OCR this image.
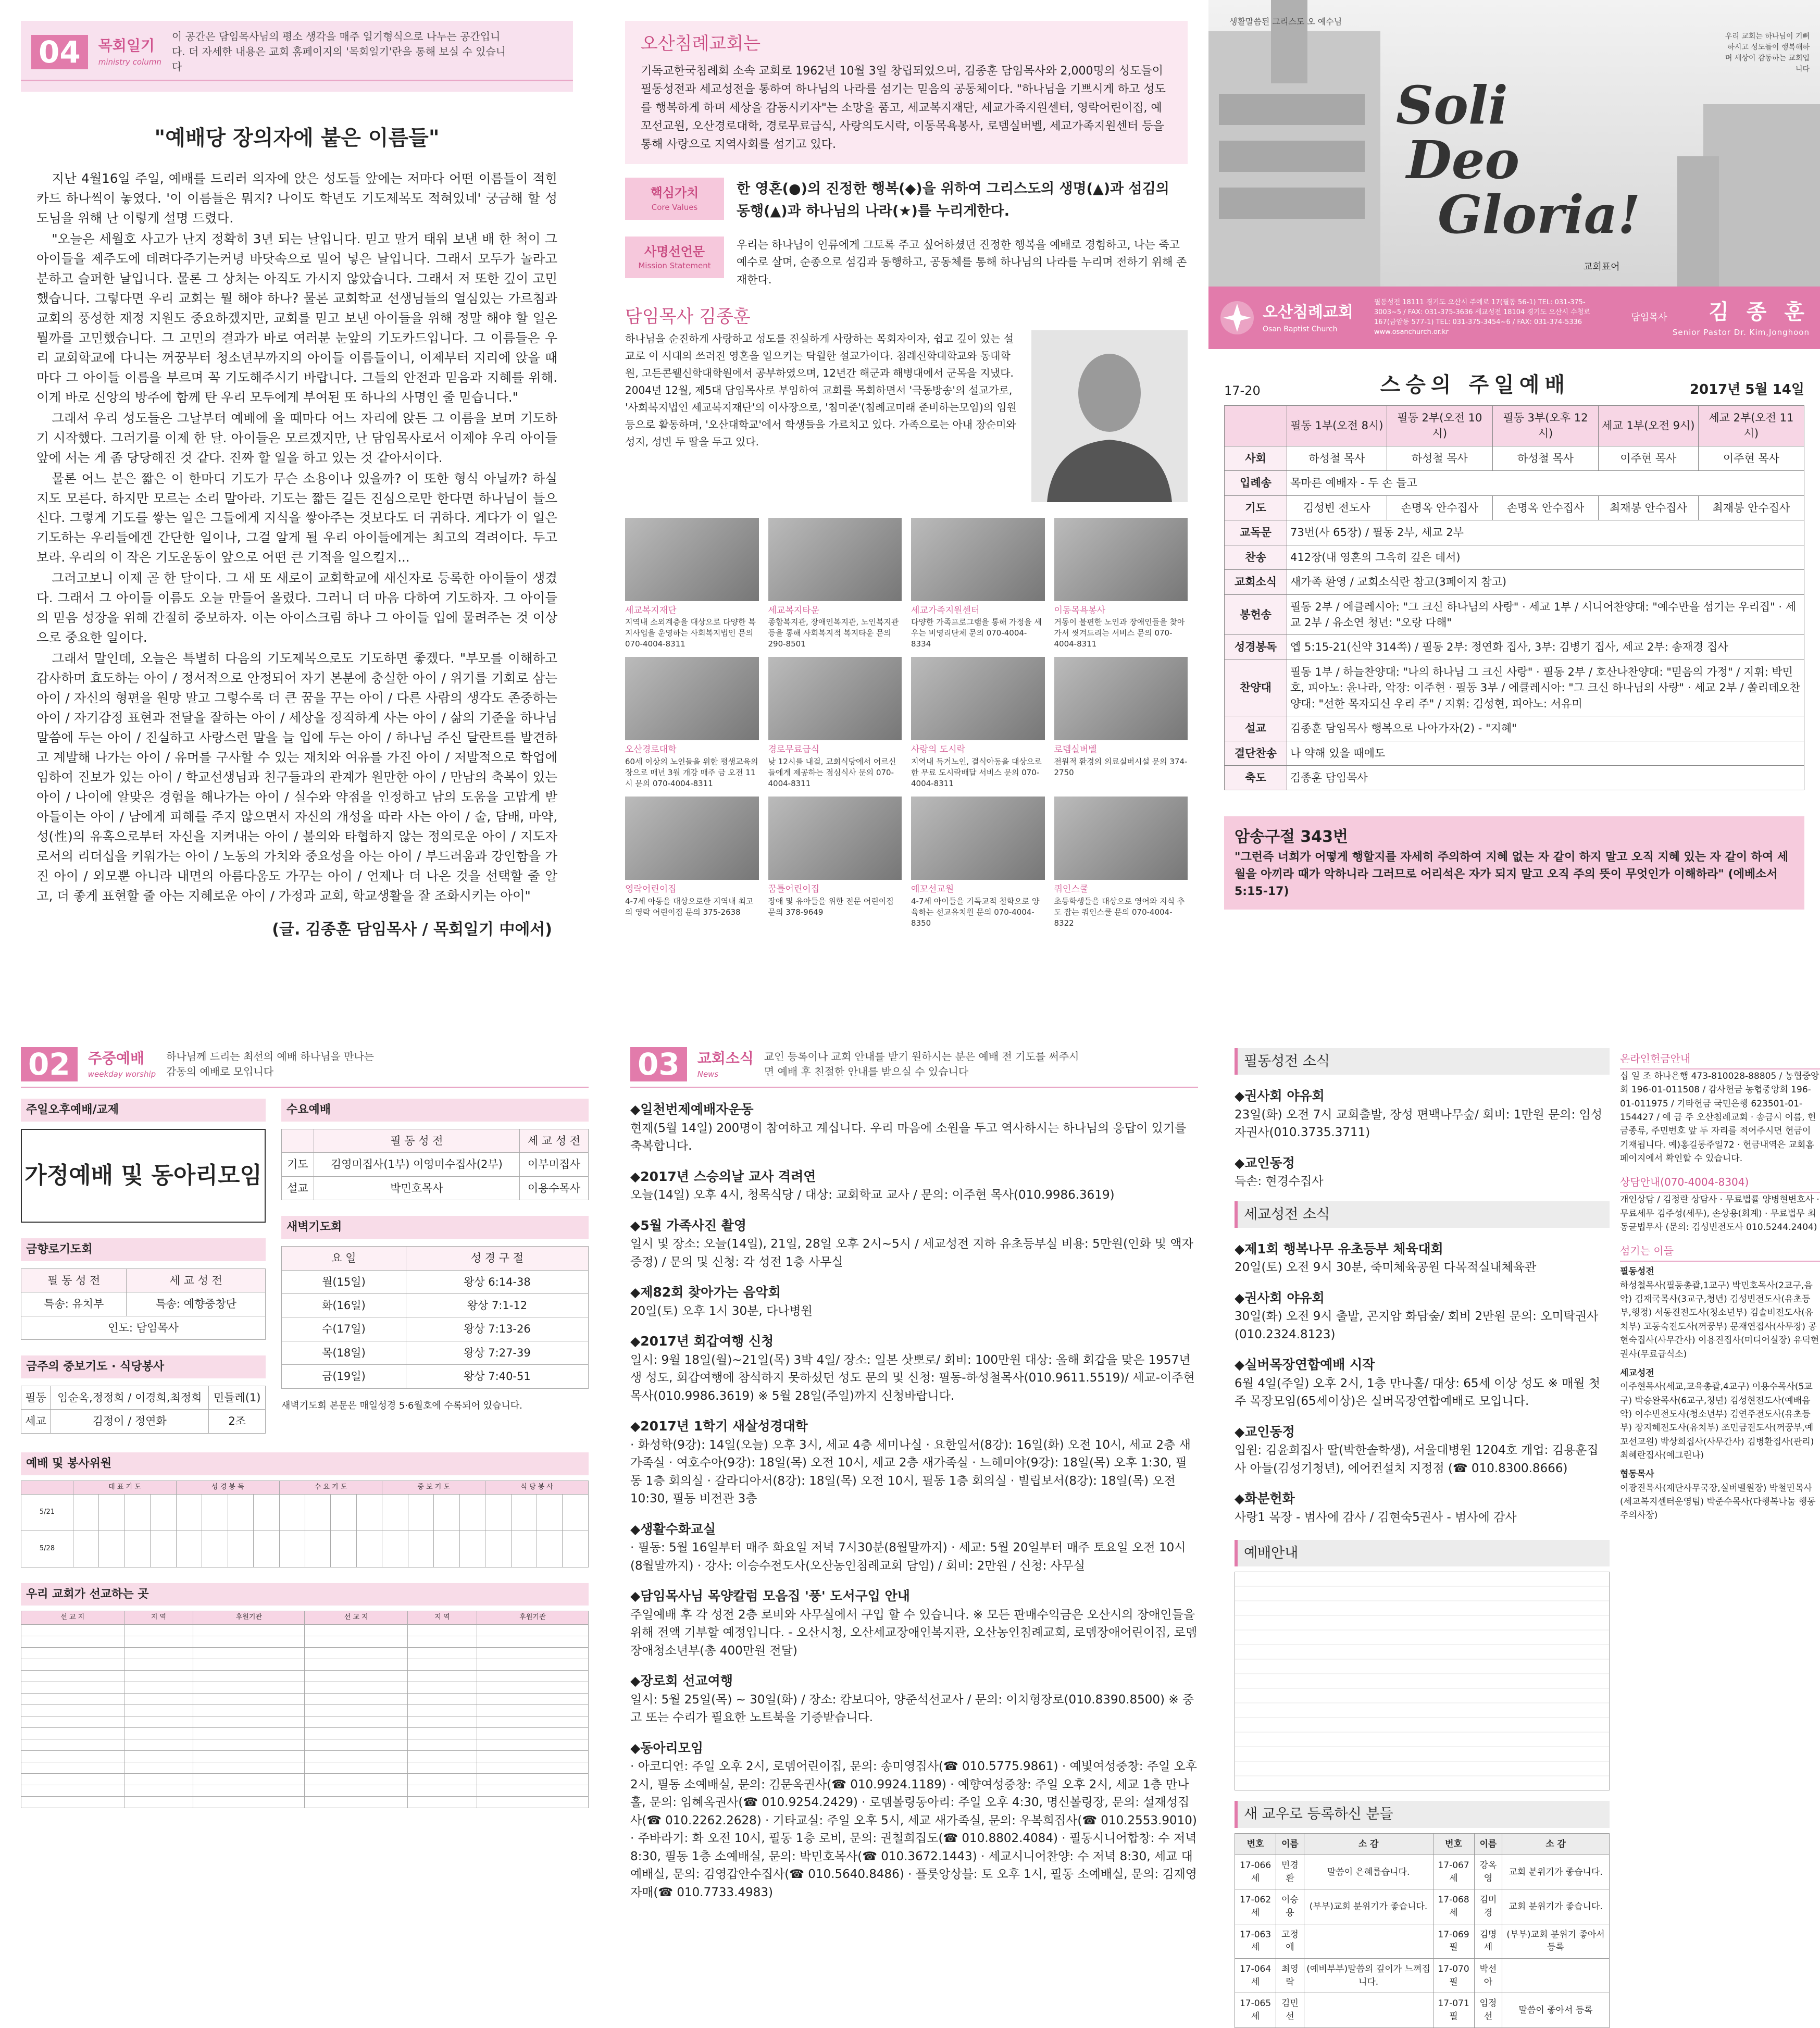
04	목회일기
ministry column
이 공간은 담임목사님의 평소 생각을 매주 일기형식으로 나누는 공간입니다. 더 자세한 내용은 교회 홈페이지의 '목회일기'란을 통해 보실 수 있습니다
"예배당 장의자에 붙은 이름들"

지난 4월16일 주일, 예배를 드리러 의자에 앉은 성도들 앞에는 저마다 어떤 이름들이 적힌 카드 하나씩이 놓였다. '이 이름들은 뭐지? 나이도 학년도 기도제목도 적혀있네' 궁금해 할 성도님을 위해 난 이렇게 설명 드렸다.

"오늘은 세월호 사고가 난지 정확히 3년 되는 날입니다. 믿고 말거 태워 보낸 배 한 척이 그 아이들을 제주도에 데려다주기는커녕 바닷속으로 밀어 넣은 날입니다. 그래서 모두가 놀라고 분하고 슬퍼한 날입니다. 물론 그 상처는 아직도 가시지 않았습니다. 그래서 저 또한 깊이 고민했습니다. 그렇다면 우리 교회는 뭘 해야 하나? 물론 교회학교 선생님들의 열심있는 가르침과 교회의 풍성한 재정 지원도 중요하겠지만, 교회를 믿고 보낸 아이들을 위해 정말 해야 할 일은 뭘까를 고민했습니다. 그 고민의 결과가 바로 여러분 눈앞의 기도카드입니다. 그 이름들은 우리 교회학교에 다니는 꺼꿍부터 청소년부까지의 아이들 이름들이니, 이제부터 지리에 앉을 때마다 그 아이들 이름을 부르며 꼭 기도해주시기 바랍니다. 그들의 안전과 믿음과 지혜를 위해. 이게 바로 신앙의 방주에 함께 탄 우리 모두에게 부여된 또 하나의 사명인 줄 믿습니다."

그래서 우리 성도들은 그날부터 예배에 올 때마다 어느 자리에 앉든 그 이름을 보며 기도하기 시작했다. 그러기를 이제 한 달. 아이들은 모르겠지만, 난 담임목사로서 이제야 우리 아이들 앞에 서는 게 좀 당당해진 것 같다. 진짜 할 일을 하고 있는 것 같아서이다.

물론 어느 분은 짧은 이 한마디 기도가 무슨 소용이나 있을까? 이 또한 형식 아닐까? 하실 지도 모른다. 하지만 모르는 소리 말아라. 기도는 짧든 길든 진심으로만 한다면 하나님이 들으신다. 그렇게 기도를 쌓는 일은 그들에게 지식을 쌓아주는 것보다도 더 귀하다. 게다가 이 일은 기도하는 우리들에겐 간단한 일이나, 그걸 알게 될 우리 아이들에게는 최고의 격려이다. 두고 보라. 우리의 이 작은 기도운동이 앞으로 어떤 큰 기적을 일으킬지...

그러고보니 이제 곧 한 달이다. 그 새 또 새로이 교회학교에 새신자로 등록한 아이들이 생겼다. 그래서 그 아이들 이름도 오늘 만들어 올렸다. 그러니 더 마음 다하여 기도하자. 그 아이들의 믿음 성장을 위해 간절히 중보하자. 이는 아이스크림 하나 그 아이들 입에 물려주는 것 이상으로 중요한 일이다.

그래서 말인데, 오늘은 특별히 다음의 기도제목으로도 기도하면 좋겠다. "부모를 이해하고 감사하며 효도하는 아이 / 정서적으로 안정되어 자기 본분에 충실한 아이 / 위기를 기회로 삼는 아이 / 자신의 형편을 원망 말고 그렇수록 더 큰 꿈을 꾸는 아이 / 다른 사람의 생각도 존중하는 아이 / 자기감정 표현과 전달을 잘하는 아이 / 세상을 정직하게 사는 아이 / 삶의 기준을 하나님 말씀에 두는 아이 / 진실하고 사랑스런 말을 늘 입에 두는 아이 / 하나님 주신 달란트를 발견하고 계발해 나가는 아이 / 유머를 구사할 수 있는 재치와 여유를 가진 아이 / 저발적으로 학업에 임하여 진보가 있는 아이 / 학교선생님과 친구들과의 관계가 원만한 아이 / 만남의 축복이 있는 아이 / 나이에 알맞은 경험을 해나가는 아이 / 실수와 약점을 인정하고 남의 도움을 고맙게 받아들이는 아이 / 남에게 피해를 주지 않으면서 자신의 개성을 따라 사는 아이 / 술, 담배, 마약, 성(性)의 유혹으로부터 자신을 지켜내는 아이 / 불의와 타협하지 않는 정의로운 아이 / 지도자로서의 리더십을 키워가는 아이 / 노동의 가치와 중요성을 아는 아이 / 부드러움과 강인함을 가진 아이 / 외모뿐 아니라 내면의 아름다움도 가꾸는 아이 / 언제나 더 나은 것을 선택할 줄 알고, 더 좋게 표현할 줄 아는 지혜로운 아이 / 가정과 교회, 학교생활을 잘 조화시키는 아이"

(글. 김종훈 담임목사 / 목회일기 中에서)
오산침례교회는
기독교한국침례회 소속 교회로 1962년 10월 3일 창립되었으며, 김종훈 담임목사와 2,000명의 성도들이 필동성전과 세교성전을 통하여 하나님의 나라를 섬기는 믿음의 공동체이다. "하나님을 기쁘시게 하고 성도를 행복하게 하며 세상을 감동시키자"는 소망을 품고, 세교복지재단, 세교가족지원센터, 영락어린이집, 예꼬선교원, 오산경로대학, 경로무료급식, 사랑의도시락, 이동목욕봉사, 로뎀실버벨, 세교가족지원센터 등을 통해 사랑으로 지역사회를 섬기고 있다.
핵심가치
Core Values
한 영혼(●)의 진정한 행복(◆)을 위하여 그리스도의 생명(▲)과 섬김의 동행(▲)과 하나님의 나라(★)를 누리게한다.
사명선언문
Mission Statement
우리는 하나님이 인류에게 그토록 주고 싶어하셨던 진정한 행복을 예배로 경험하고, 나는 죽고 예수로 살며, 순종으로 섬김과 동행하고, 공동체를 통해 하나님의 나라를 누리며 전하기 위해 존재한다.
담임목사 김종훈
하나님을 순진하게 사랑하고 성도를 진실하게 사랑하는 목회자이자, 쉽고 깊이 있는 설교로 이 시대의 쓰러진 영혼을 일으키는 탁월한 설교가이다. 침례신학대학교와 동대학원, 고든콘웰신학대학원에서 공부하였으며, 12년간 해군과 해병대에서 군목을 지냈다. 2004년 12월, 제5대 담임목사로 부임하여 교회를 목회하면서 '극동방송'의 설교가로, '사회복지법인 세교복지재단'의 이사장으로, '침미준'(침례교미래 준비하는모임)의 임원 등으로 활동하며, '오산대학교'에서 학생들을 가르치고 있다. 가족으로는 아내 장순미와 성지, 성빈 두 딸을 두고 있다.
세교복지재단
지역내 소외계층을 대상으로 다양한 복지사업을 운영하는 사회복지법인 문의 070-4004-8311
세교복지타운
종합복지관, 장애인복지관, 노인복지관 등을 통해 사회복지적 복지타운 문의 290-8501
세교가족지원센터
다양한 가족프로그램을 통해 가정을 세우는 비영리단체 문의 070-4004-8334
이동목욕봉사
거동이 불편한 노인과 장애인들을 찾아가서 씻겨드리는 서비스 문의 070-4004-8311
오산경로대학
60세 이상의 노인들을 위한 평생교육의 장으로 매년 3월 개강 매주 금 오전 11시 문의 070-4004-8311
경로무료급식
낮 12시를 내걸, 교회식당에서 어르신들에게 제공하는 점심식사 문의 070-4004-8311
사랑의 도시락
지역내 독거노인, 결식아동을 대상으로 한 무료 도시락배달 서비스 문의 070-4004-8311
로뎀실버벨
전원적 환경의 의료실버시설 문의 374-2750
영락어린이집
4-7세 아동을 대상으로한 지역내 최고의 영락 어린이집 문의 375-2638
꿈틀어린이집
장애 및 유아들을 위한 전문 어린이집 문의 378-9649
예꼬선교원
4-7세 아이들을 기독교적 철학으로 양육하는 선교유치원 문의 070-4004-8350
쿼인스쿨
초등학생들을 대상으로 영어와 지식 추도 잡는 쿼인스쿨 문의 070-4004-8322
생활말씀된 그리스도 오 예수님
우리 교회는 하나님이 기뻐하시고 성도들이 행복해하며 세상이 감동하는 교회입니다
Soli
Deo
Gloria!
교회표어
오산침례교회
Osan Baptist Church
필동성전 18111 경기도 오산시 주예로 17(필동 56-1) TEL: 031-375-3003~5 / FAX: 031-375-3636 세교성전 18104 경기도 오산시 수청로 167(금암동 577-1) TEL: 031-375-3454~6 / FAX: 031-374-5336 www.osanchurch.or.kr
담임목사	김 종 훈
Senior Pastor Dr. Kim,Jonghoon
17-20	스승의 주일예배	2017년 5월 14일
	필동 1부(오전 8시)	필동 2부(오전 10시)	필동 3부(오후 12시)	세교 1부(오전 9시)	세교 2부(오전 11시)
사회	하성철 목사	하성철 목사	하성철 목사	이주현 목사	이주현 목사
입례송	목마른 예배자 - 두 손 들고				
기도	김성빈 전도사	손명옥 안수집사	손명옥 안수집사	최재봉 안수집사	최재봉 안수집사
교독문	73번(사 65장) / 필동 2부, 세교 2부				
찬송	412장(내 영혼의 그윽히 깊은 데서)				
교회소식	새가족 환영 / 교회소식란 참고(3페이지 참고)				
봉헌송	필동 2부 / 에클레시아: "그 크신 하나님의 사랑" · 세교 1부 / 시니어찬양대: "예수만을 섬기는 우리집" · 세교 2부 / 유소연 청년: "오랑 다해"				
성경봉독	엡 5:15-21(신약 314쪽) / 필동 2부: 정연화 집사, 3부: 김병기 집사, 세교 2부: 송재경 집사				
찬양대	필동 1부 / 하늘찬양대: "나의 하나님 그 크신 사랑" · 필동 2부 / 호산나찬양대: "믿음의 가정" / 지휘: 박민호, 피아노: 윤나라, 악장: 이주현 · 필동 3부 / 에클레시아: "그 크신 하나님의 사랑" · 세교 2부 / 쏠리데오찬양대: "선한 목자되신 우리 주" / 지휘: 김성현, 피아노: 서유미				
설교	김종훈 담임목사 행복으로 나아가자(2) - "지혜"				
결단찬송	나 약해 있을 때에도				
축도	김종훈 담임목사				
암송구절 343번
"그런즉 너희가 어떻게 행할지를 자세히 주의하여 지혜 없는 자 같이 하지 말고 오직 지혜 있는 자 같이 하여 세월을 아끼라 때가 악하니라 그러므로 어리석은 자가 되지 말고 오직 주의 뜻이 무엇인가 이해하라" (에베소서 5:15-17)
02	주중예배
weekday worship
하나님께 드리는 최선의 예배 하나님을 만나는 감동의 예배로 모입니다
주일오후예배/교제
가정예배 및 동아리모임
금향로기도회
필 동 성 전	세 교 성 전
특송: 유치부	특송: 예향중창단
인도: 담임목사	
금주의 중보기도 · 식당봉사
필동	임순옥,정정희 / 이경희,최정희	민들레(1)
세교	김정이 / 정연화	2조
수요예배
	필 동 성 전	세 교 성 전
기도	김영미집사(1부) 이영미수집사(2부)	이부미집사
설교	박민호목사	이용수목사
새벽기도회
요 일	성 경 구 절
월(15일)	왕상 6:14-38
화(16일)	왕상 7:1-12
수(17일)	왕상 7:13-26
목(18일)	왕상 7:27-39
금(19일)	왕상 7:40-51
새벽기도회 본문은 매일성경 5·6월호에 수록되어 있습니다.
예배 및 봉사위원
	대 표 기 도				성 경 봉 독				수 요 기 도				중 보 기 도				식 당 봉 사			
5/21																				
5/28																				
우리 교회가 선교하는 곳
선 교 지	지 역	후원기관	선 교 지	지 역	후원기관

03	교회소식
News
교인 등록이나 교회 안내를 받기 원하시는 분은 예배 전 기도를 써주시면 예배 후 친절한 안내를 받으실 수 있습니다
◆일천번제예배자운동

현재(5월 14일) 200명이 참여하고 계십니다. 우리 마음에 소원을 두고 역사하시는 하나님의 응답이 있기를 축복합니다.

◆2017년 스승의날 교사 격려연

오늘(14일) 오후 4시, 청목식당 / 대상: 교회학교 교사 / 문의: 이주현 목사(010.9986.3619)

◆5월 가족사진 촬영

일시 및 장소: 오늘(14일), 21일, 28일 오후 2시~5시 / 세교성전 지하 유초등부실 비용: 5만원(인화 및 액자 증정) / 문의 및 신청: 각 성전 1층 사무실

◆제82회 찾아가는 음악회

20일(토) 오후 1시 30분, 다나병원

◆2017년 회갑여행 신청

일시: 9월 18일(월)~21일(목) 3박 4일/ 장소: 일본 삿뽀로/ 회비: 100만원 대상: 올해 회갑을 맞은 1957년생 성도, 회갑여행에 참석하지 못하셨던 성도 문의 및 신청: 필동-하성철목사(010.9611.5519)/ 세교-이주현목사(010.9986.3619) ※ 5월 28일(주일)까지 신청바랍니다.

◆2017년 1학기 새살성경대학

· 화성학(9강): 14일(오늘) 오후 3시, 세교 4층 세미나실 · 요한일서(8강): 16일(화) 오전 10시, 세교 2층 새가족실 · 여호수아(9강): 18일(목) 오전 10시, 세교 2층 새가족실 · 느헤미야(9강): 18일(목) 오후 1:30, 필동 1층 회의실 · 갈라디아서(8강): 18일(목) 오전 10시, 필동 1층 회의실 · 빌립보서(8강): 18일(목) 오전 10:30, 필동 비전관 3층

◆생활수화교실

· 필동: 5월 16일부터 매주 화요일 저녁 7시30분(8월말까지) · 세교: 5월 20일부터 매주 토요일 오전 10시(8월말까지) · 강사: 이승수전도사(오산농인침례교회 담임) / 회비: 2만원 / 신청: 사무실

◆담임목사님 목양칼럼 모음집 '풍' 도서구입 안내

주일예배 후 각 성전 2층 로비와 사무실에서 구입 할 수 있습니다. ※ 모든 판매수익금은 오산시의 장애인들을 위해 전액 기부할 예정입니다. - 오산시청, 오산세교장애인복지관, 오산농인침례교회, 로뎀장애어린이집, 로뎀장애청소년부(총 400만원 전달)

◆장로회 선교여행

일시: 5월 25일(목) ~ 30일(화) / 장소: 캄보디아, 양준석선교사 / 문의: 이치형장로(010.8390.8500) ※ 중고 또는 수리가 필요한 노트북을 기증받습니다.

◆동아리모임

· 아코디언: 주일 오후 2시, 로뎀어린이집, 문의: 송미영집사(☎ 010.5775.9861) · 예빛여성중창: 주일 오후 2시, 필동 소예배실, 문의: 김문옥권사(☎ 010.9924.1189) · 예향여성중창: 주일 오후 2시, 세교 1층 만나홀, 문의: 임혜옥권사(☎ 010.9254.2429) · 로뎀볼링동아리: 주일 오후 4:30, 명신볼링장, 문의: 설재성집사(☎ 010.2262.2628) · 기타교실: 주일 오후 5시, 세교 새가족실, 문의: 우복희집사(☎ 010.2553.9010) · 주바라기: 화 오전 10시, 필동 1층 로비, 문의: 권철희집도(☎ 010.8802.4084) · 필동시니어합창: 수 저녁 8:30, 필동 1층 소예배실, 문의: 박민호목사(☎ 010.3672.1443) · 세교시니어찬양: 수 저녁 8:30, 세교 대예배실, 문의: 김영갑안수집사(☎ 010.5640.8486) · 플룻앙상블: 토 오후 1시, 필동 소예배실, 문의: 김재영자매(☎ 010.7733.4983)

필동성전 소식
◆권사회 야유회

23일(화) 오전 7시 교회출발, 장성 편백나무숲/ 회비: 1만원 문의: 임성자권사(010.3735.3711)

◆교인동정

득손: 현경수집사

세교성전 소식
◆제1회 행복나무 유초등부 체육대회

20일(토) 오전 9시 30분, 죽미체육공원 다목적실내체육관

◆권사회 야유회

30일(화) 오전 9시 출발, 곤지암 화담숲/ 회비 2만원 문의: 오미탁권사(010.2324.8123)

◆실버목장연합예배 시작

6월 4일(주일) 오후 2시, 1층 만나홀/ 대상: 65세 이상 성도 ※ 매월 첫주 목장모임(65세이상)은 실버목장연합예배로 모입니다.

◆교인동정

입원: 김윤희집사 딸(박한솔학생), 서울대병원 1204호 개업: 김용훈집사 아들(김성기청년), 에어컨설치 지정점 (☎ 010.8300.8666)

◆화분헌화

사랑1 목장 - 범사에 감사 / 김현숙5권사 - 범사에 감사

예배안내
새 교우로 등록하신 분들
번호	이름	소 감	번호	이름	소 감
17-066세	민경환	말씀이 은혜롭습니다.	17-067세	강옥영	교회 분위기가 좋습니다.
17-062세	이승용	(부부)교회 분위기가 좋습니다.	17-068세	김미경	교회 분위기가 좋습니다.
17-063세	고정애		17-069필	김명세	(부부)교회 분위기 좋아서 등록
17-064세	최영락	(예비부부)말씀의 깊이가 느껴집니다.	17-070필	박선아	
17-065세	김민선		17-071필	임정선	말씀이 좋아서 등록
온라인헌금안내
십 일 조 하나은행 473-810028-88805 / 농협중앙회 196-01-011508 / 감사헌금 농협중앙회 196-01-011975 / 기타헌금 국민은행 623501-01-154427 / 예 금 주 오산침례교회 · 송금시 이름, 헌금종류, 주민번호 앞 두 자리를 적어주시면 헌금이 기재됩니다. 예)홍길동주일72 · 헌금내역은 교회홈페이지에서 확인할 수 있습니다.
상담안내(070-4004-8304)
개인상담 / 김정란 상담사 · 무료법률 양병현변호사 · 무료세무 김주성(세무), 손상용(회계) · 무료법무 최동균법무사 (문의: 김성빈전도사 010.5244.2404)
섬기는 이들
필동성전
하성철목사(필동총괄,1교구) 박민호목사(2교구,음악) 김재국목사(3교구,청년) 김성빈전도사(유초등부,행정) 서동진전도사(청소년부) 김솔비전도사(유치부) 고동숙전도사(꺼꿍부) 문재연집사(사무장) 공현숙집사(사무간사) 이용진집사(미디어실장) 유덕현권사(무료급식소)
세교성전
이주현목사(세교,교육총괄,4교구) 이용수목사(5교구) 박승완목사(6교구,청년) 김성현전도사(예배음악) 이수빈전도사(청소년부) 김연주전도사(유초등부) 장지혜전도사(유치부) 조민금전도사(꺼꿍부,예꼬선교원) 박상희집사(사무간사) 김병환집사(관리) 최혜란집사(예그린나)
협동목사
이광진목사(재단사무국장,실버벨원장) 박철민목사(세교복지센터운영팀) 박준수목사(다행복나눔 행동주의사장)
